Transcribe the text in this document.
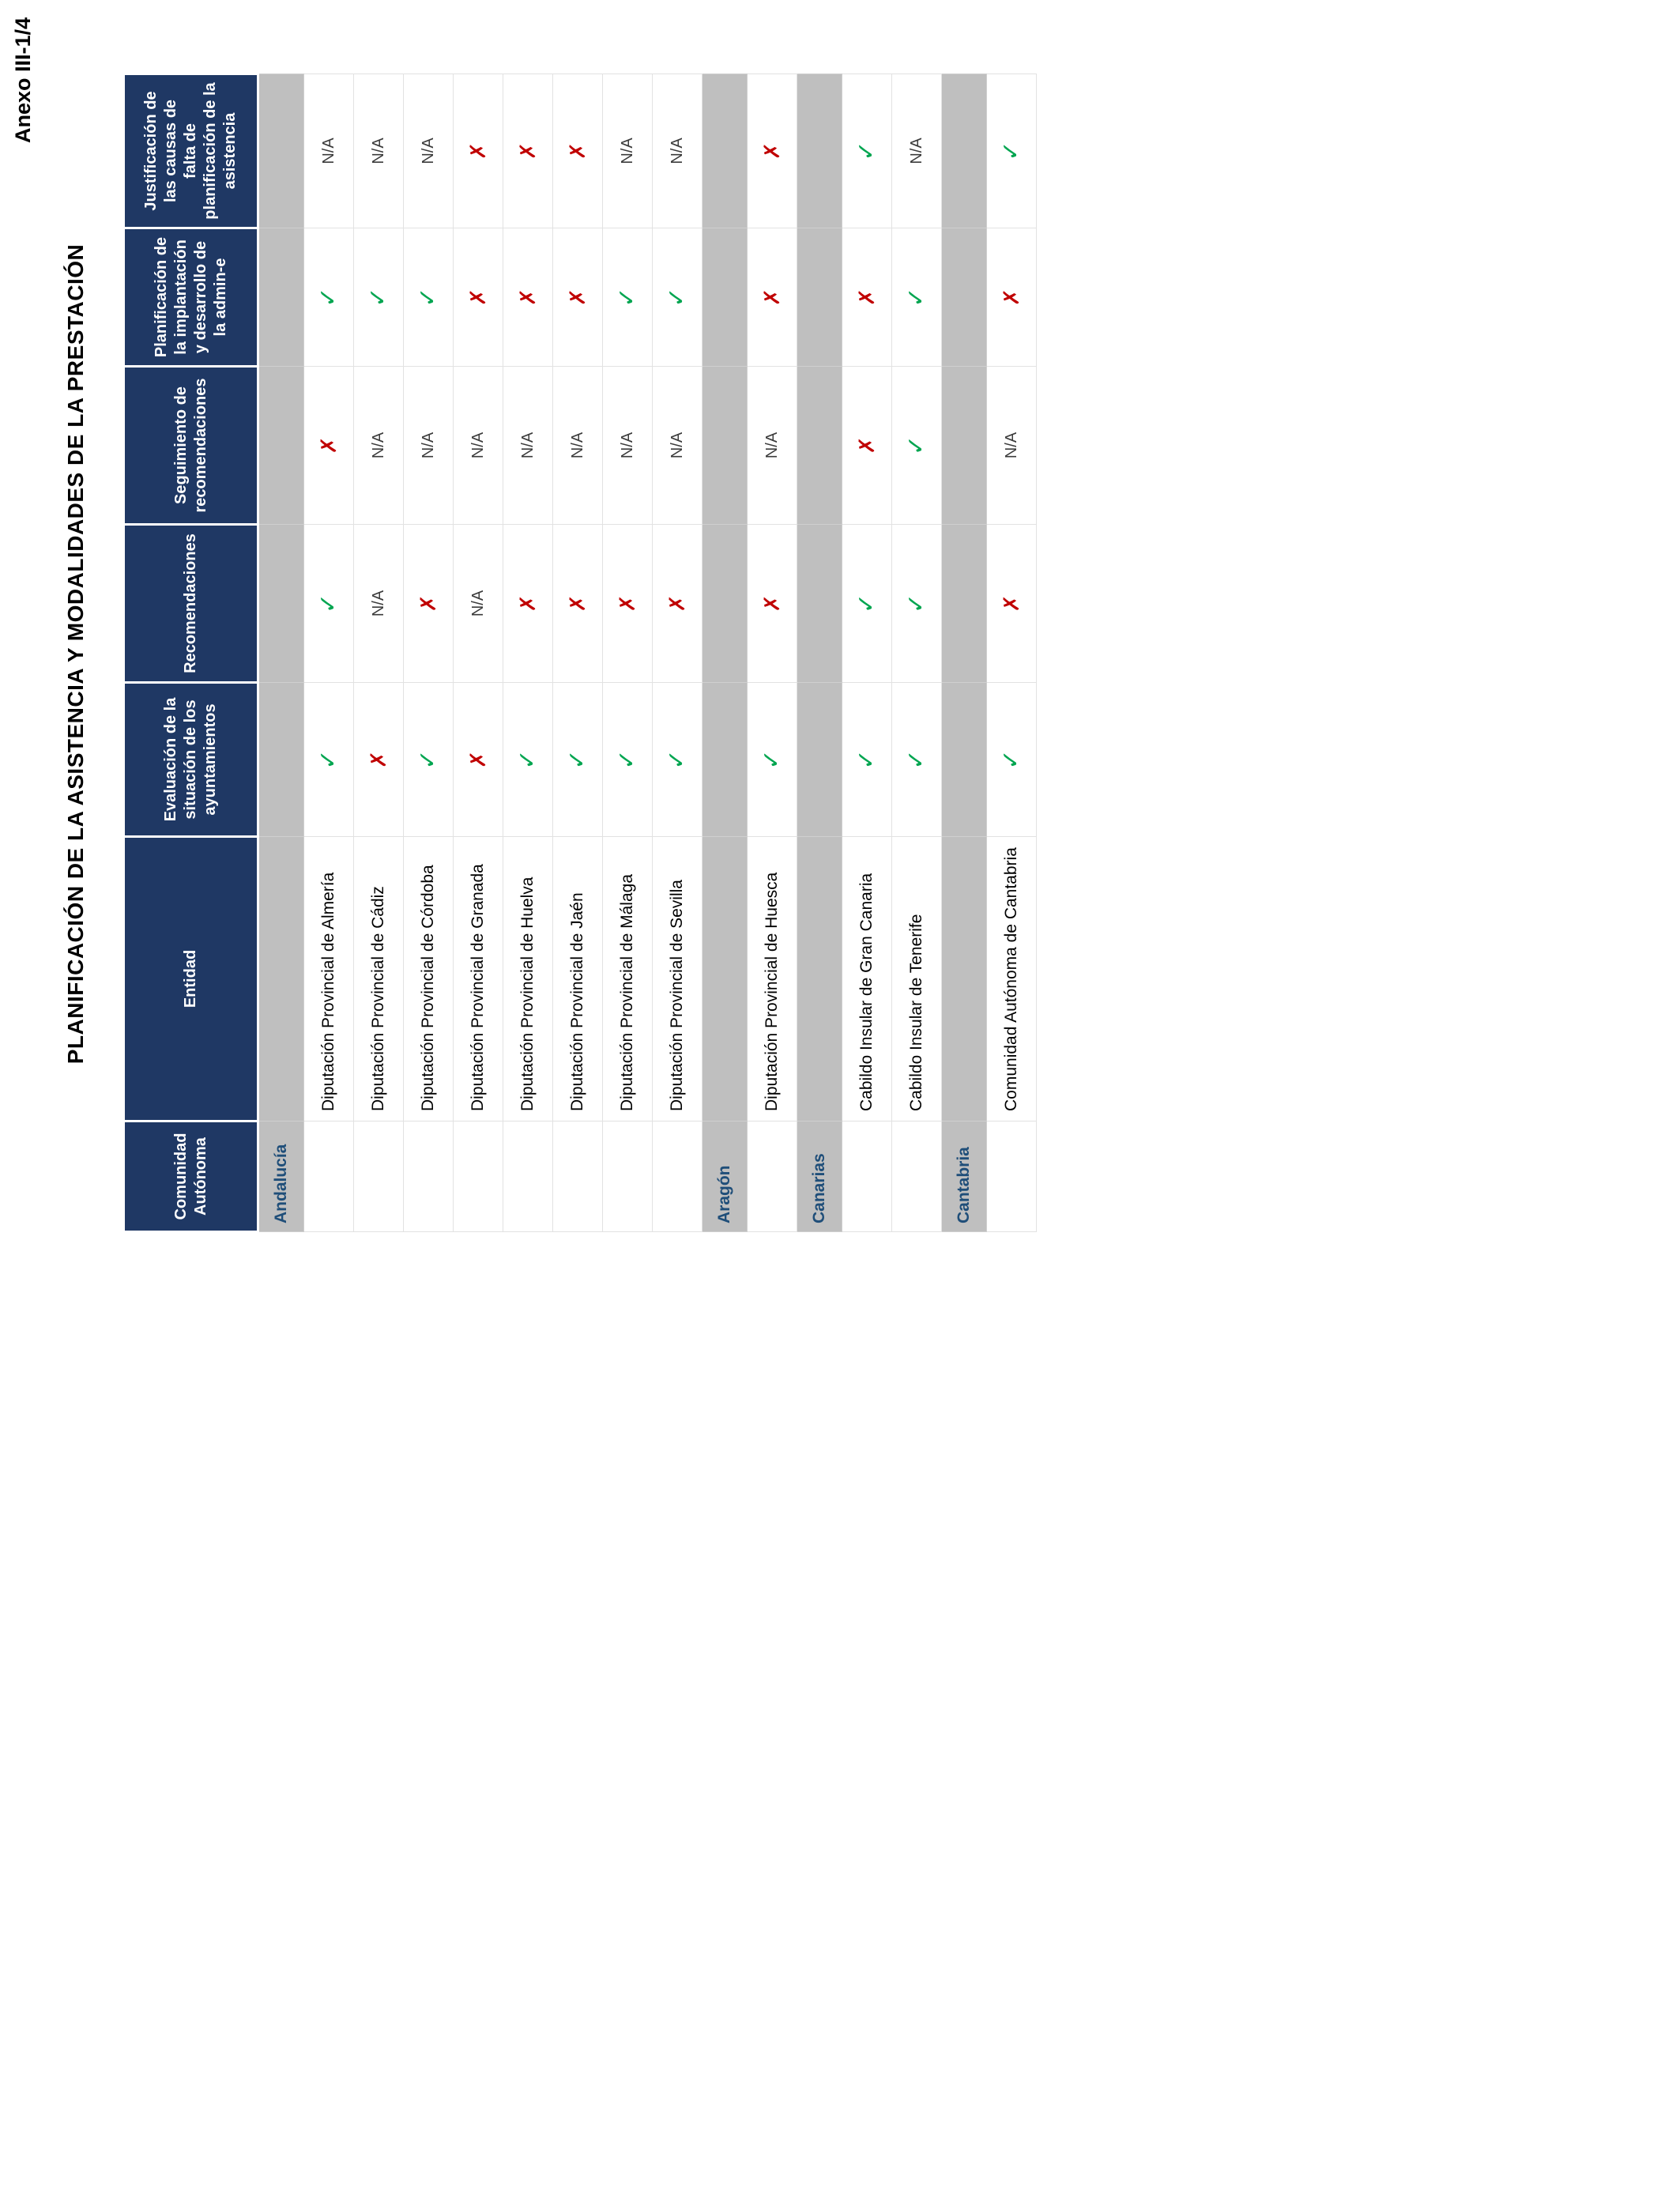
Anexo III-1/4
PLANIFICACIÓN DE LA ASISTENCIA Y MODALIDADES DE LA PRESTACIÓN
Comunidad Autónoma	Entidad	Evaluación de la situación de los ayuntamientos	Recomendaciones	Seguimiento de recomendaciones	Planificación de la implantación y desarrollo de la admin-e	Justificación de las causas de falta de planificación de la asistencia
Andalucía						
	Diputación Provincial de Almería	✓	✓	✗	✓	N/A
	Diputación Provincial de Cádiz	✗	N/A	N/A	✓	N/A
	Diputación Provincial de Córdoba	✓	✗	N/A	✓	N/A
	Diputación Provincial de Granada	✗	N/A	N/A	✗	✗
	Diputación Provincial de Huelva	✓	✗	N/A	✗	✗
	Diputación Provincial de Jaén	✓	✗	N/A	✗	✗
	Diputación Provincial de Málaga	✓	✗	N/A	✓	N/A
	Diputación Provincial de Sevilla	✓	✗	N/A	✓	N/A
Aragón						
	Diputación Provincial de Huesca	✓	✗	N/A	✗	✗
Canarias						
	Cabildo Insular de Gran Canaria	✓	✓	✗	✗	✓
	Cabildo Insular de Tenerife	✓	✓	✓	✓	N/A
Cantabria						
	Comunidad Autónoma de Cantabria	✓	✗	N/A	✗	✓
